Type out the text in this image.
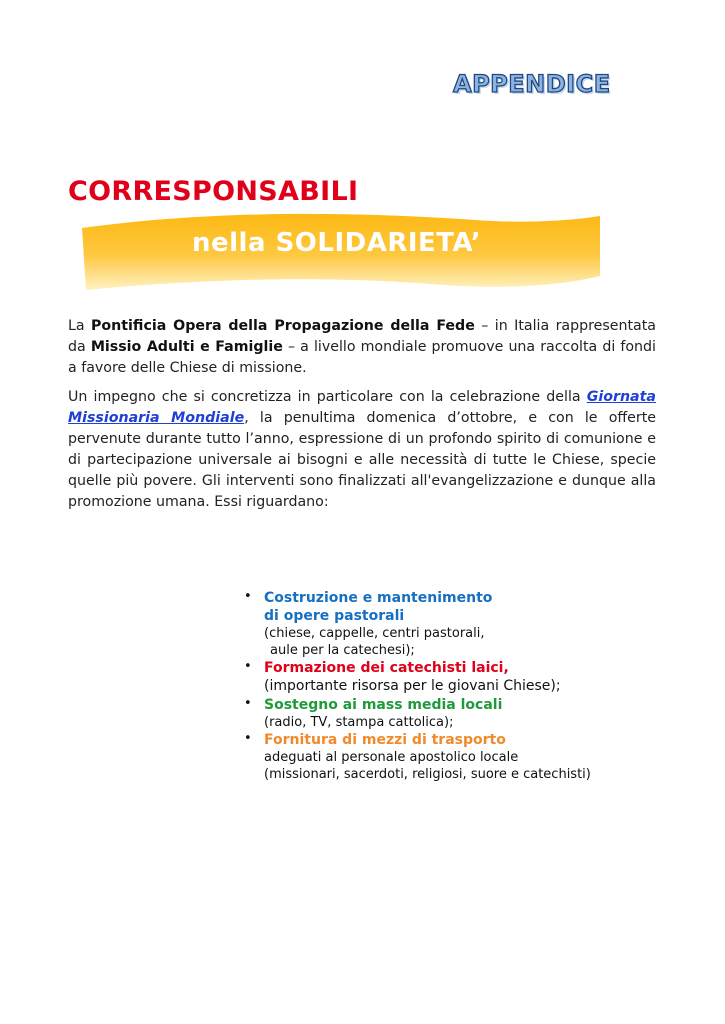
APPENDICE
CORRESPONSABILI
nella SOLIDARIETA’

La Pontificia Opera della Propagazione della Fede – in Italia rappresentata da Missio Adulti e Famiglie – a livello mondiale promuove una raccolta di fondi a favore delle Chiese di missione.

Un impegno che si concretizza in particolare con la celebrazione della Giornata Missionaria Mondiale, la penultima domenica d’ottobre, e con le offerte pervenute durante tutto l’anno, espressione di un profondo spirito di comunione e di partecipazione universale ai bisogni e alle necessità di tutte le Chiese, specie quelle più povere. Gli interventi sono finalizzati all'evangelizzazione e dunque alla promozione umana. Essi riguardano:

• Costruzione e mantenimento
di opere pastorali
(chiese, cappelle, centri pastorali,
aule per la catechesi);
• Formazione dei catechisti laici,
(importante risorsa per le giovani Chiese);
• Sostegno ai mass media locali
(radio, TV, stampa cattolica);
• Fornitura di mezzi di trasporto
adeguati al personale apostolico locale
(missionari, sacerdoti, religiosi, suore e catechisti)
